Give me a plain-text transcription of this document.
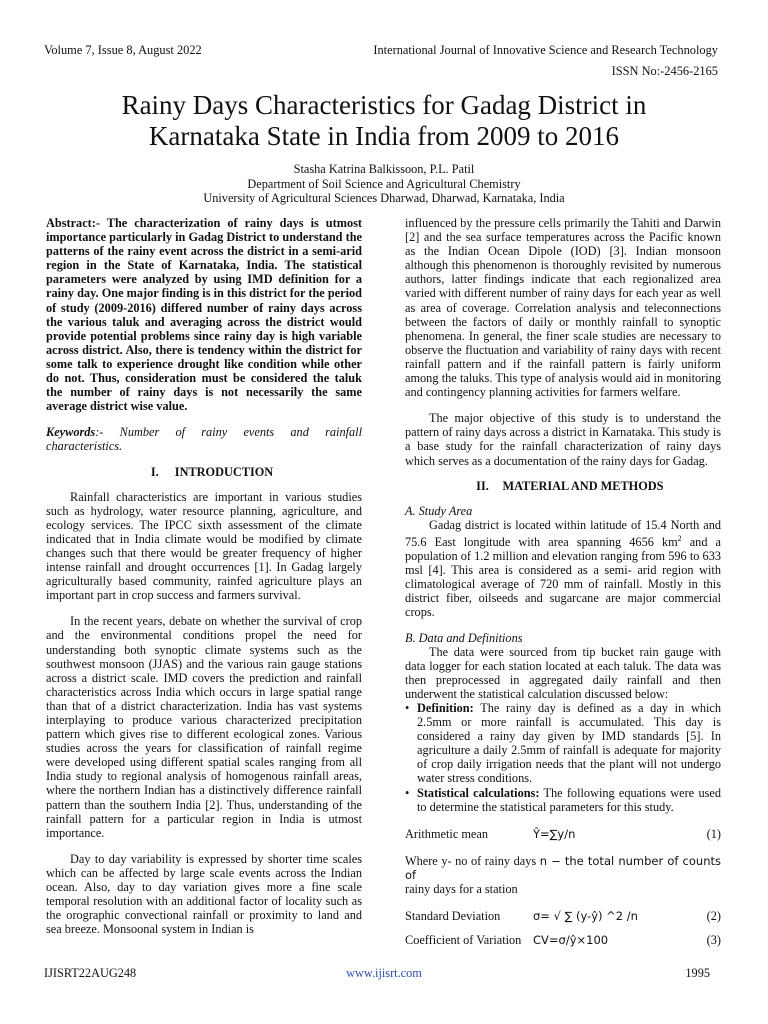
Volume 7, Issue 8, August 2022	International Journal of Innovative Science and Research Technology
ISSN No:-2456-2165
Rainy Days Characteristics for Gadag District in
Karnataka State in India from 2009 to 2016
Stasha Katrina Balkissoon, P.L. Patil
Department of Soil Science and Agricultural Chemistry
University of Agricultural Sciences Dharwad, Dharwad, Karnataka, India

Abstract:- The characterization of rainy days is utmost importance particularly in Gadag District to understand the patterns of the rainy event across the district in a semi-arid region in the State of Karnataka, India. The statistical parameters were analyzed by using IMD definition for a rainy day. One major finding is in this district for the period of study (2009-2016) differed number of rainy days across the various taluk and averaging across the district would provide potential problems since rainy day is high variable across district. Also, there is tendency within the district for some talk to experience drought like condition while other do not. Thus, consideration must be considered the taluk the number of rainy days is not necessarily the same average district wise value.

Keywords:- Number of rainy events and rainfall characteristics.

I. INTRODUCTION

Rainfall characteristics are important in various studies such as hydrology, water resource planning, agriculture, and ecology services. The IPCC sixth assessment of the climate indicated that in India climate would be modified by climate changes such that there would be greater frequency of higher intense rainfall and drought occurrences [1]. In Gadag largely agriculturally based community, rainfed agriculture plays an important part in crop success and farmers survival.

In the recent years, debate on whether the survival of crop and the environmental conditions propel the need for understanding both synoptic climate systems such as the southwest monsoon (JJAS) and the various rain gauge stations across a district scale. IMD covers the prediction and rainfall characteristics across India which occurs in large spatial range than that of a district characterization. India has vast systems interplaying to produce various characterized precipitation pattern which gives rise to different ecological zones. Various studies across the years for classification of rainfall regime were developed using different spatial scales ranging from all India study to regional analysis of homogenous rainfall areas, where the northern Indian has a distinctively difference rainfall pattern than the southern India [2]. Thus, understanding of the rainfall pattern for a particular region in India is utmost importance.

Day to day variability is expressed by shorter time scales which can be affected by large scale events across the Indian ocean. Also, day to day variation gives more a fine scale temporal resolution with an additional factor of locality such as the orographic convectional rainfall or proximity to land and sea breeze. Monsoonal system in Indian is

influenced by the pressure cells primarily the Tahiti and Darwin [2] and the sea surface temperatures across the Pacific known as the Indian Ocean Dipole (IOD) [3]. Indian monsoon although this phenomenon is thoroughly revisited by numerous authors, latter findings indicate that each regionalized area varied with different number of rainy days for each year as well as area of coverage. Correlation analysis and teleconnections between the factors of daily or monthly rainfall to synoptic phenomena. In general, the finer scale studies are necessary to observe the fluctuation and variability of rainy days with recent rainfall pattern and if the rainfall pattern is fairly uniform among the taluks. This type of analysis would aid in monitoring and contingency planning activities for farmers welfare.

The major objective of this study is to understand the pattern of rainy days across a district in Karnataka. This study is a base study for the rainfall characterization of rainy days which serves as a documentation of the rainy days for Gadag.

II. MATERIAL AND METHODS

A. Study Area

Gadag district is located within latitude of 15.4 North and 75.6 East longitude with area spanning 4656 $km^2$ and a population of 1.2 million and elevation ranging from 596 to 633 msl [4]. This area is considered as a semi- arid region with climatological average of 720 mm of rainfall. Mostly in this district fiber, oilseeds and sugarcane are major commercial crops.

B. Data and Definitions

The data were sourced from tip bucket rain gauge with data logger for each station located at each taluk. The data was then preprocessed in aggregated daily rainfall and then underwent the statistical calculation discussed below:

• Definition: The rainy day is defined as a day in which 2.5mm or more rainfall is accumulated. This day is considered a rainy day given by IMD standards [5]. In agriculture a daily 2.5mm of rainfall is adequate for majority of crop daily irrigation needs that the plant will not undergo water stress conditions.
• Statistical calculations: The following equations were used to determine the statistical parameters for this study.
Arithmetic mean	Ŷ=∑y/n	(1)

Where y- no of rainy days n − the total number of counts of
rainy days for a station

Standard Deviation	σ= √ ∑ (y-ŷ) ^2 /n	(2)
Coefficient of Variation	CV=σ/ŷ×100	(3)
IJISRT22AUG248	www.ijisrt.com	1995
